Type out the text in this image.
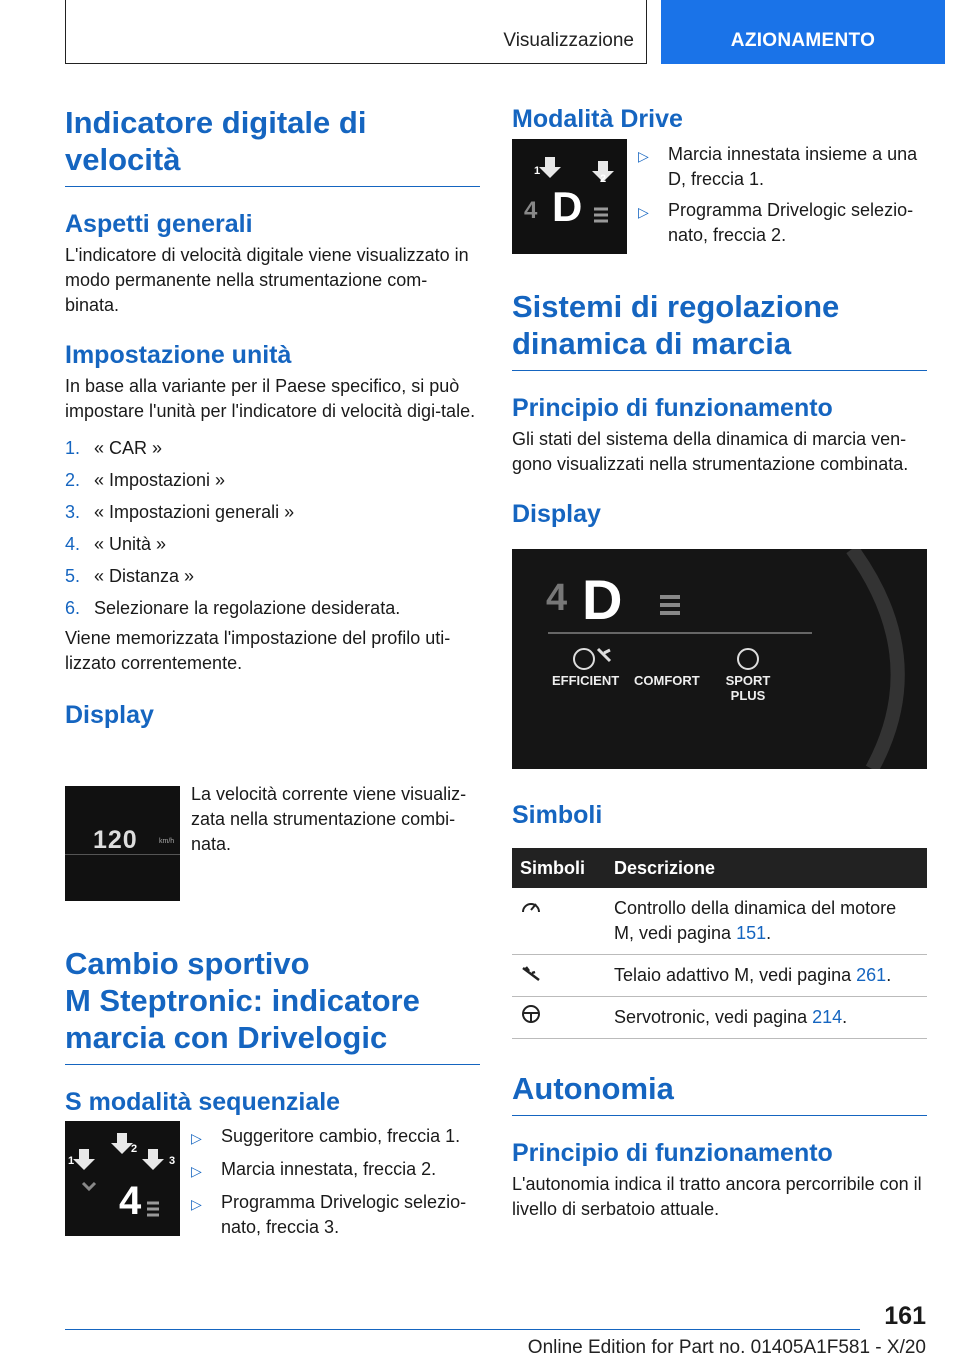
Visualizzazione	AZIONAMENTO

Indicatore digitale di

velocità

Aspetti generali

L'indicatore di velocità digitale viene visualizzato in modo permanente nella strumentazione com-binata.

Impostazione unità

In base alla variante per il Paese specifico, si può impostare l'unità per l'indicatore di velocità digi-tale.

1. « CAR »
2. « Impostazioni »
3. « Impostazioni generali »
4. « Unità »
5. « Distanza »
6. Selezionare la regolazione desiderata.

Viene memorizzata l'impostazione del profilo uti-lizzato correntemente.

Display

120	km/h

La velocità corrente viene visualiz-zata nella strumentazione combi-nata.

Cambio sportivo

M Steptronic: indicatore

marcia con Drivelogic

S modalità sequenziale

4
1
2
3
▷	Suggeritore cambio, freccia 1.
▷	Marcia innestata, freccia 2.
▷	Programma Drivelogic selezio-nato, freccia 3.

Modalità Drive

4 D
1
2
▷	Marcia innestata insieme a una D, freccia 1.
▷	Programma Drivelogic selezio-nato, freccia 2.

Sistemi di regolazione

dinamica di marcia

Principio di funzionamento

Gli stati del sistema della dinamica di marcia ven-gono visualizzati nella strumentazione combinata.

Display

4 D
EFFICIENT COMFORT SPORT PLUS

Simboli

Simboli	Descrizione
	Controllo della dinamica del motore M, vedi pagina 151.
	Telaio adattivo M, vedi pagina 261.
	Servotronic, vedi pagina 214.

Autonomia

Principio di funzionamento

L'autonomia indica il tratto ancora percorribile con il livello di serbatoio attuale.

161
Online Edition for Part no. 01405A1F581 - X/20
